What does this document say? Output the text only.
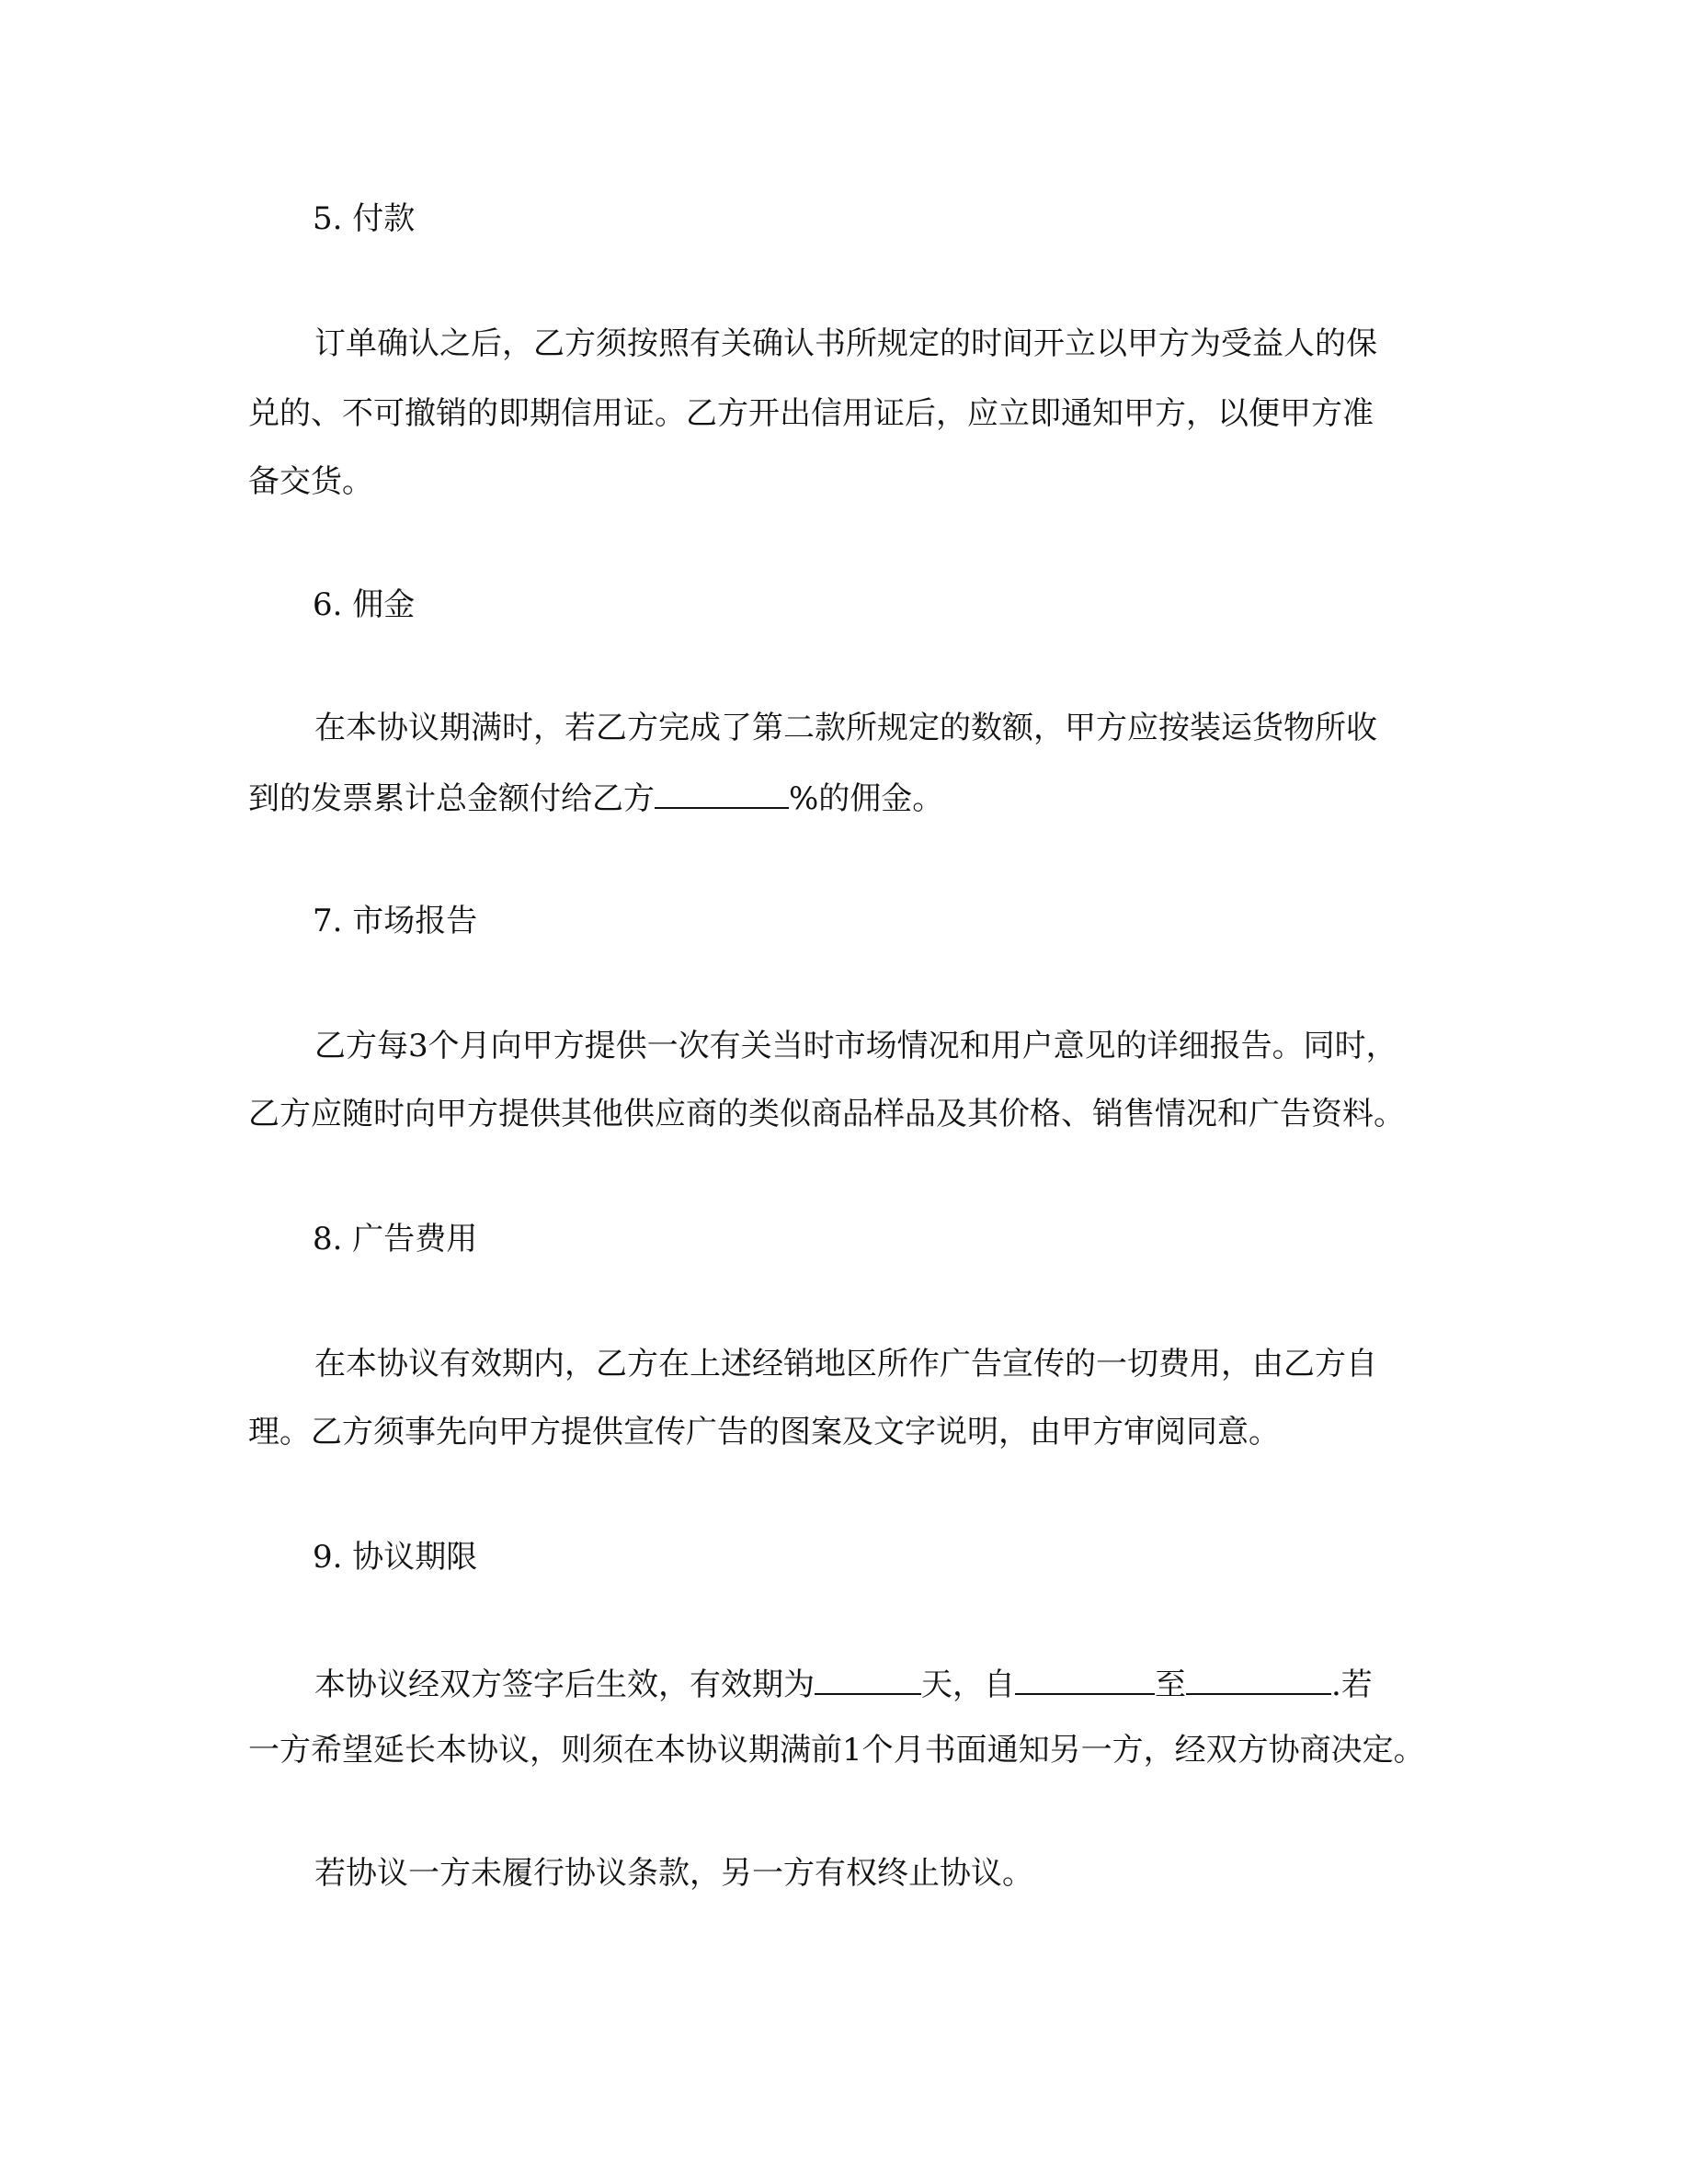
5. 付款
订单确认之后，乙方须按照有关确认书所规定的时间开立以甲方为受益人的保
兑的、不可撤销的即期信用证。乙方开出信用证后，应立即通知甲方，以便甲方准
备交货。
6. 佣金
在本协议期满时，若乙方完成了第二款所规定的数额，甲方应按装运货物所收
到的发票累计总金额付给乙方	%的佣金。
7. 市场报告
乙方每3个月向甲方提供一次有关当时市场情况和用户意见的详细报告。同时，
乙方应随时向甲方提供其他供应商的类似商品样品及其价格、销售情况和广告资料。
8. 广告费用
在本协议有效期内，乙方在上述经销地区所作广告宣传的一切费用，由乙方自
理。乙方须事先向甲方提供宣传广告的图案及文字说明，由甲方审阅同意。
9. 协议期限
本协议经双方签字后生效，有效期为	天，自	至	.若
一方希望延长本协议，则须在本协议期满前1个月书面通知另一方，经双方协商决定。
若协议一方未履行协议条款，另一方有权终止协议。
